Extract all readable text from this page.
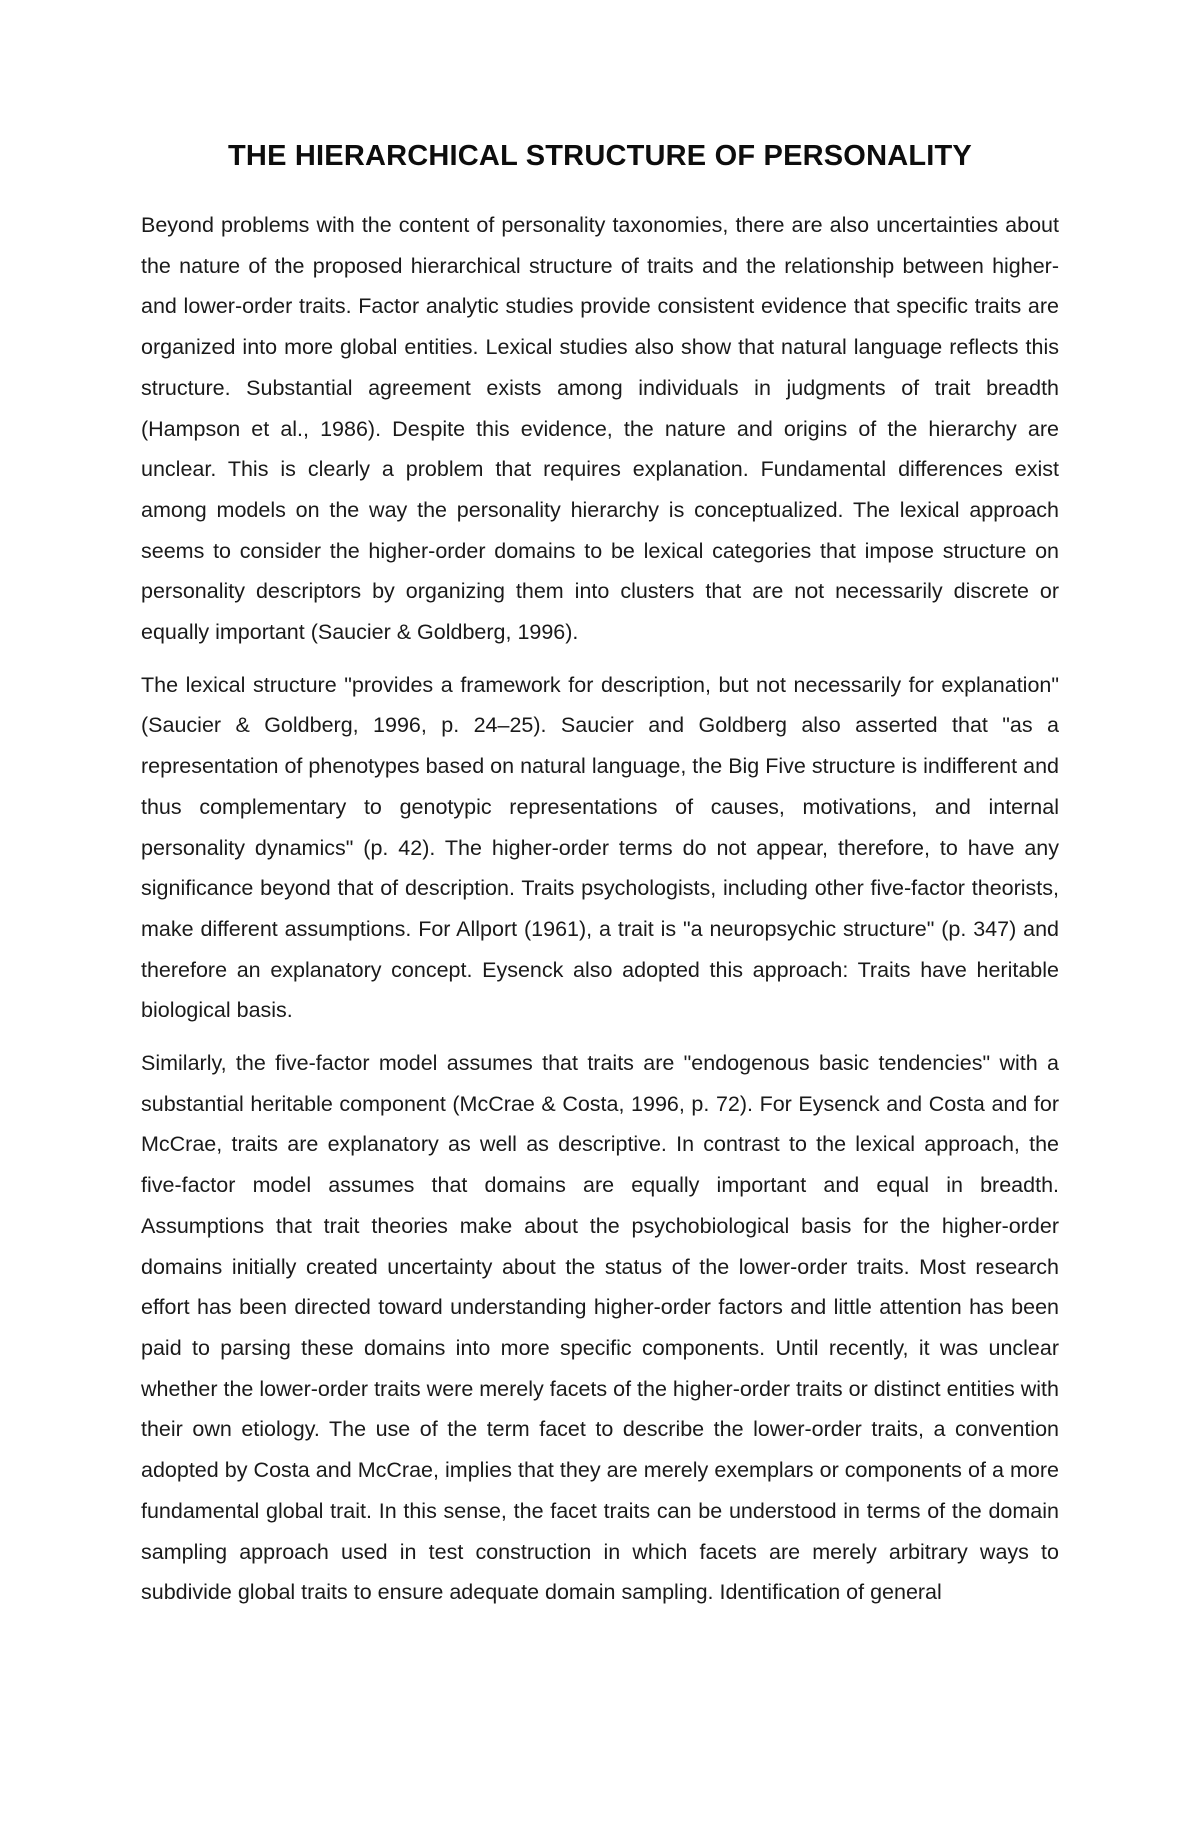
THE HIERARCHICAL STRUCTURE OF PERSONALITY

Beyond problems with the content of personality taxonomies, there are also uncertainties about the nature of the proposed hierarchical structure of traits and the relationship between higher- and lower-order traits. Factor analytic studies provide consistent evidence that specific traits are organized into more global entities. Lexical studies also show that natural language reflects this structure. Substantial agreement exists among individuals in judgments of trait breadth (Hampson et al., 1986). Despite this evidence, the nature and origins of the hierarchy are unclear. This is clearly a problem that requires explanation. Fundamental differences exist among models on the way the personality hierarchy is conceptualized. The lexical approach seems to consider the higher-order domains to be lexical categories that impose structure on personality descriptors by organizing them into clusters that are not necessarily discrete or equally important (Saucier & Goldberg, 1996).

The lexical structure "provides a framework for description, but not necessarily for explanation" (Saucier & Goldberg, 1996, p. 24–25). Saucier and Goldberg also asserted that "as a representation of phenotypes based on natural language, the Big Five structure is indifferent and thus complementary to genotypic representations of causes, motivations, and internal personality dynamics" (p. 42). The higher-order terms do not appear, therefore, to have any significance beyond that of description. Traits psychologists, including other five-factor theorists, make different assumptions. For Allport (1961), a trait is "a neuropsychic structure" (p. 347) and therefore an explanatory concept. Eysenck also adopted this approach: Traits have heritable biological basis.

Similarly, the five-factor model assumes that traits are "endogenous basic tendencies" with a substantial heritable component (McCrae & Costa, 1996, p. 72). For Eysenck and Costa and for McCrae, traits are explanatory as well as descriptive. In contrast to the lexical approach, the five-factor model assumes that domains are equally important and equal in breadth. Assumptions that trait theories make about the psychobiological basis for the higher-order domains initially created uncertainty about the status of the lower-order traits. Most research effort has been directed toward understanding higher-order factors and little attention has been paid to parsing these domains into more specific components. Until recently, it was unclear whether the lower-order traits were merely facets of the higher-order traits or distinct entities with their own etiology. The use of the term facet to describe the lower-order traits, a convention adopted by Costa and McCrae, implies that they are merely exemplars or components of a more fundamental global trait. In this sense, the facet traits can be understood in terms of the domain sampling approach used in test construction in which facets are merely arbitrary ways to subdivide global traits to ensure adequate domain sampling. Identification of general
